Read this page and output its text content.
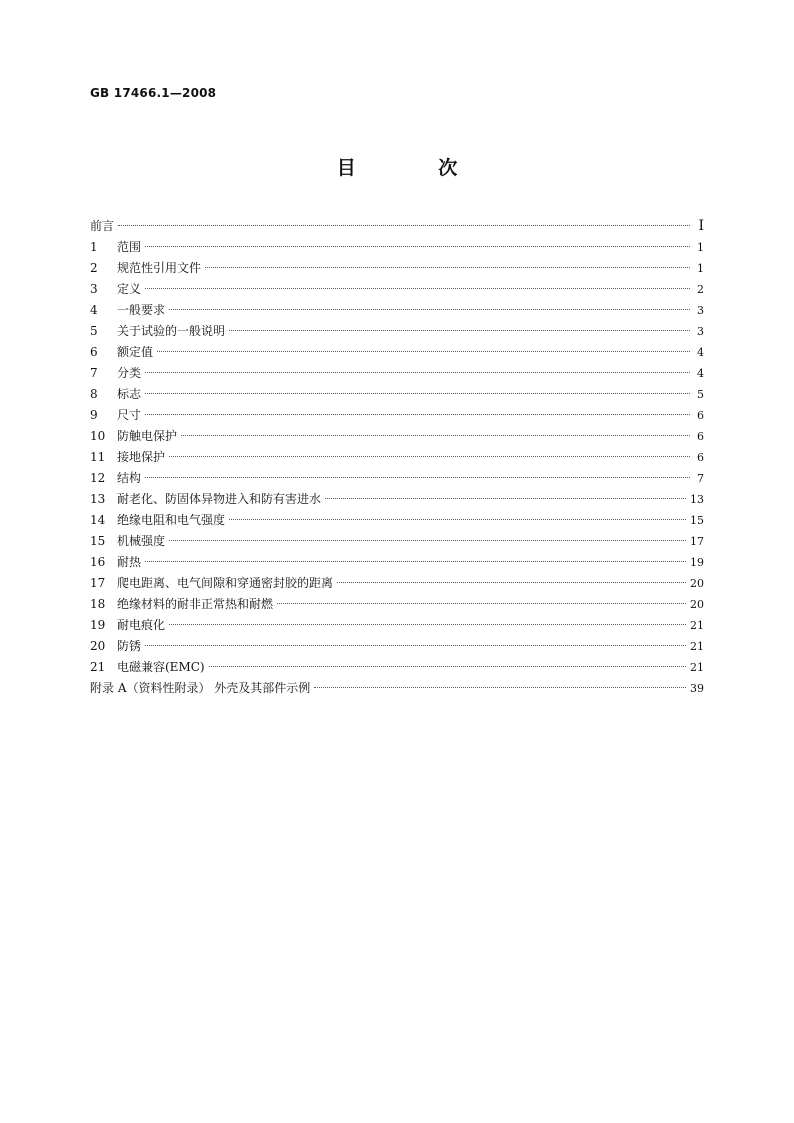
GB 17466.1—2008
目 次
前言	I
1	范围	1
2	规范性引用文件	1
3	定义	2
4	一般要求	3
5	关于试验的一般说明	3
6	额定值	4
7	分类	4
8	标志	5
9	尺寸	6
10 防触电保护	6
11 接地保护	6
12 结构	7
13 耐老化、防固体异物进入和防有害进水	13
14 绝缘电阻和电气强度	15
15 机械强度	17
16 耐热	19
17 爬电距离、电气间隙和穿通密封胶的距离	20
18 绝缘材料的耐非正常热和耐燃	20
19 耐电痕化	21
20 防锈	21
21 电磁兼容(EMC)	21
附录 A（资料性附录） 外壳及其部件示例	39
